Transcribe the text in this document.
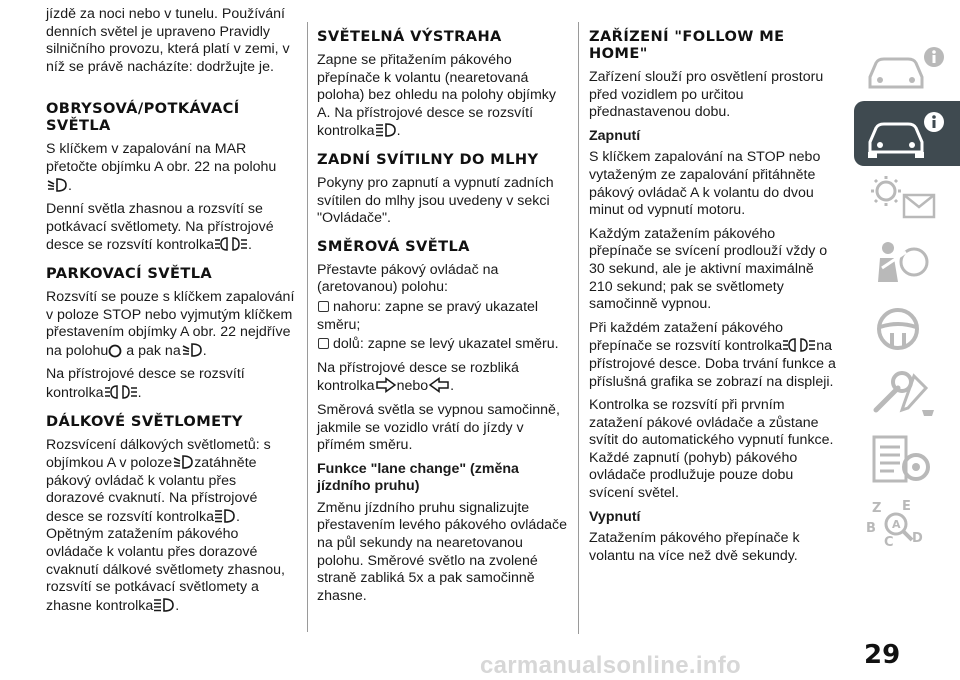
jízdě za noci nebo v tunelu. Používání denních světel je upraveno Pravidly silničního provozu, která platí v zemi, v níž se právě nacházíte: dodržujte je.

OBRYSOVÁ/POTKÁVACÍ SVĚTLA

S klíčkem v zapalování na MAR přetočte objímku A obr. 22 na polohu

.

Denní světla zhasnou a rozsvítí se potkávací světlomety. Na přístrojové desce se rozsvítí kontrolka .

PARKOVACÍ SVĚTLA

Rozsvítí se pouze s klíčkem zapalování v poloze STOP nebo vyjmutým klíčkem přestavením objímky A obr. 22 nejdříve na polohu a pak na .

Na přístrojové desce se rozsvítí kontrolka .

DÁLKOVÉ SVĚTLOMETY

Rozsvícení dálkových světlometů: s objímkou A v poloze zatáhněte pákový ovládač k volantu přes dorazové cvaknutí. Na přístrojové desce se rozsvítí kontrolka . Opětným zatažením pákového ovládače k volantu přes dorazové cvaknutí dálkové světlomety zhasnou, rozsvítí se potkávací světlomety a zhasne kontrolka .

SVĚTELNÁ VÝSTRAHA

Zapne se přitažením pákového přepínače k volantu (nearetovaná poloha) bez ohledu na polohy objímky A. Na přístrojové desce se rozsvítí kontrolka .

ZADNÍ SVÍTILNY DO MLHY

Pokyny pro zapnutí a vypnutí zadních svítilen do mlhy jsou uvedeny v sekci "Ovládače".

SMĚROVÁ SVĚTLA

Přestavte pákový ovládač na (aretovanou) polohu:

nahoru: zapne se pravý ukazatel směru;

dolů: zapne se levý ukazatel směru.

Na přístrojové desce se rozbliká kontrolka nebo .

Směrová světla se vypnou samočinně, jakmile se vozidlo vrátí do jízdy v přímém směru.

Funkce "lane change" (změna jízdního pruhu)

Změnu jízdního pruhu signalizujte přestavením levého pákového ovládače na půl sekundy na nearetovanou polohu. Směrové světlo na zvolené straně zabliká 5x a pak samočinně zhasne.

ZAŘÍZENÍ "FOLLOW ME HOME"

Zařízení slouží pro osvětlení prostoru před vozidlem po určitou přednastavenou dobu.

Zapnutí

S klíčkem zapalování na STOP nebo vytaženým ze zapalování přitáhněte pákový ovládač A k volantu do dvou minut od vypnutí motoru.

Každým zatažením pákového přepínače se svícení prodlouží vždy o 30 sekund, ale je aktivní maximálně 210 sekund; pak se světlomety samočinně vypnou.

Při každém zatažení pákového přepínače se rozsvítí kontrolka na přístrojové desce. Doba trvání funkce a příslušná grafika se zobrazí na displeji.

Kontrolka se rozsvítí při prvním zatažení pákové ovládače a zůstane svítit do automatického vypnutí funkce. Každé zapnutí (pohyb) pákového ovládače prodlužuje pouze dobu svícení světel.

Vypnutí

Zatažením pákového přepínače k volantu na více než dvě sekundy.

Z E
B
C D
A
29
carmanualsonline.info
